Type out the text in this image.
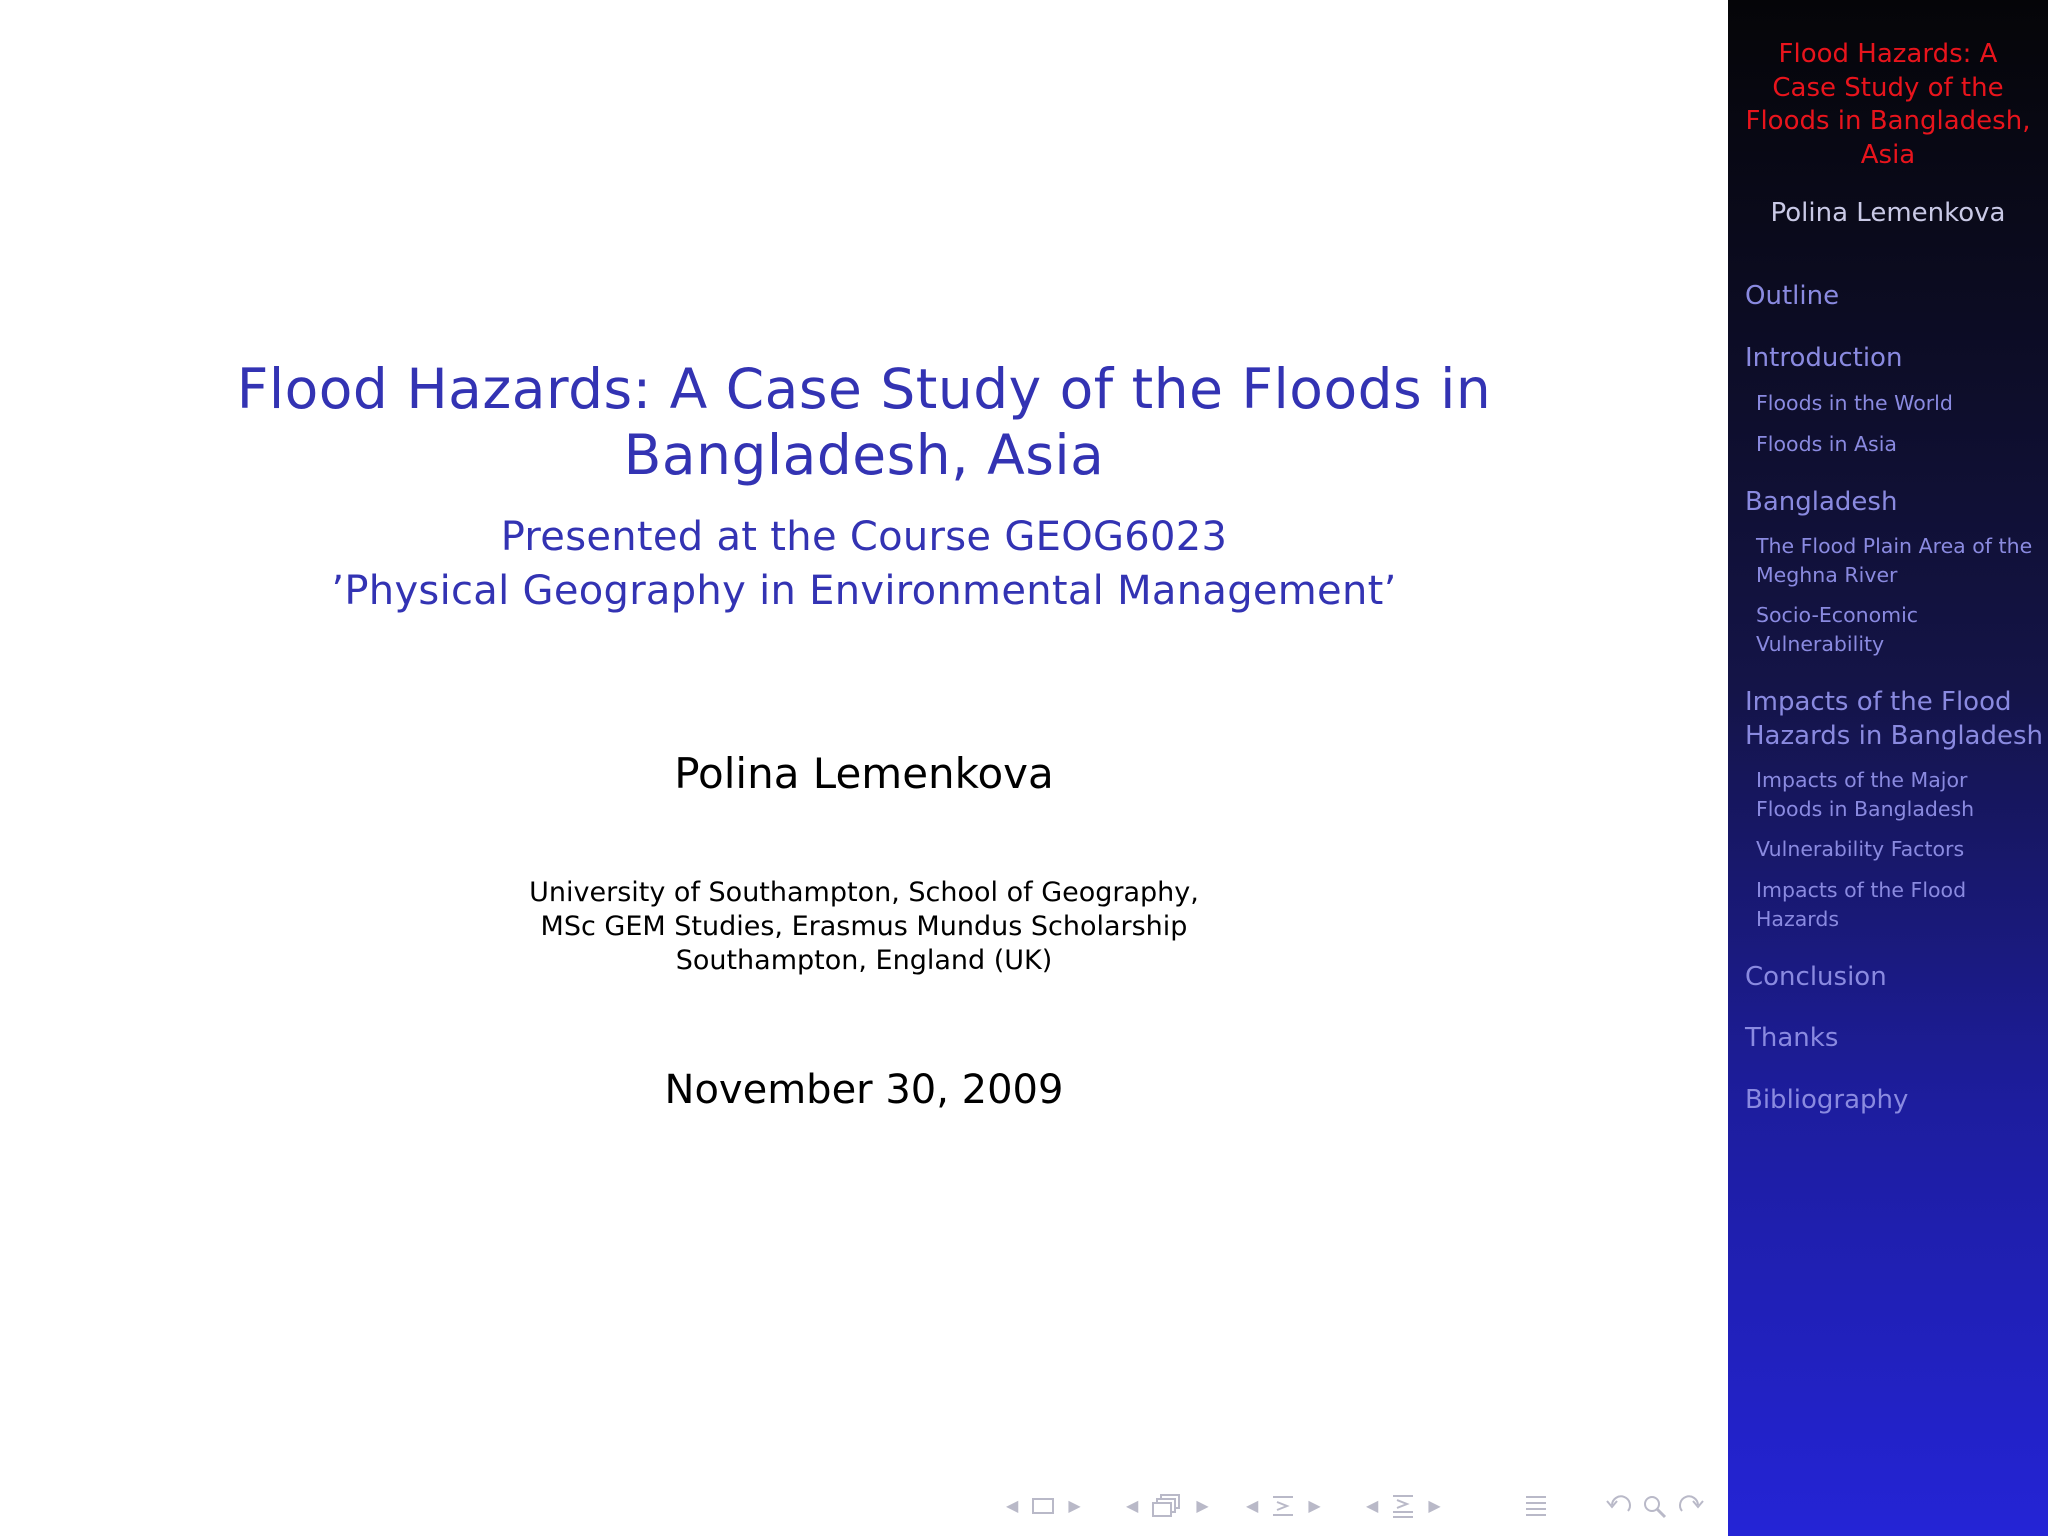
Flood Hazards: A Case Study of the Floods in
Bangladesh, Asia
Presented at the Course GEOG6023
’Physical Geography in Environmental Management’
Polina Lemenkova
University of Southampton, School of Geography,
MSc GEM Studies, Erasmus Mundus Scholarship
Southampton, England (UK)
November 30, 2009
Flood Hazards: A
Case Study of the
Floods in Bangladesh,
Asia
Polina Lemenkova
Outline
Introduction
Floods in the World
Floods in Asia
Bangladesh
The Flood Plain Area of the
Meghna River
Socio-Economic
Vulnerability
Impacts of the Flood
Hazards in Bangladesh
Impacts of the Major
Floods in Bangladesh
Vulnerability Factors
Impacts of the Flood
Hazards
Conclusion
Thanks
Bibliography
◀	▶	◀	▶ ◀	▶	◀	▶
